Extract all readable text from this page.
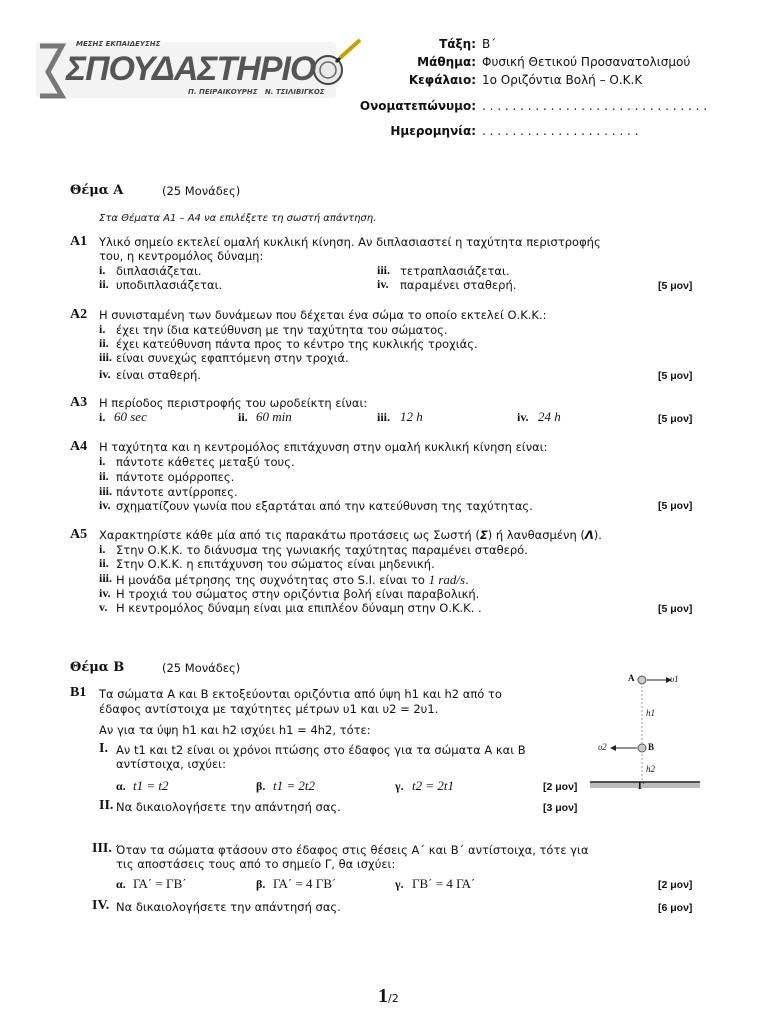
ΜΕΣΗΣ ΕΚΠΑΙΔΕΥΣΗΣ
ΣΠΟΥΔΑΣΤΗΡΙΟ
Π. ΠΕΙΡΑΙΚΟΥΡΗΣ   Ν. ΤΣΙΛΙΒΙΓΚΟΣ
Τάξη: Β΄
Μάθημα: Φυσική Θετικού Προσανατολισμού
Κεφάλαιο: 1ο Οριζόντια Βολή – Ο.Κ.Κ
Ονοματεπώνυμο: . . . . . . . . . . . . . . . . . . . . . . . . . . . . . .
Ημερομηνία: . . . . . . . . . . . . . . . . . . . . .
Θέμα Α	(25 Μονάδες)
Στα Θέματα Α1 – Α4 να επιλέξετε τη σωστή απάντηση.
Α1 Υλικό σημείο εκτελεί ομαλή κυκλική κίνηση. Αν διπλασιαστεί η ταχύτητα περιστροφής
του, η κεντρομόλος δύναμη:
i. διπλασιάζεται.	iii. τετραπλασιάζεται.
ii. υποδιπλασιάζεται.	iv. παραμένει σταθερή.	[5 μον]
Α2 Η συνισταμένη των δυνάμεων που δέχεται ένα σώμα το οποίο εκτελεί Ο.Κ.Κ.:
i. έχει την ίδια κατεύθυνση με την ταχύτητα του σώματος.
ii. έχει κατεύθυνση πάντα προς το κέντρο της κυκλικής τροχιάς.
iii. είναι συνεχώς εφαπτόμενη στην τροχιά.
iv. είναι σταθερή.	[5 μον]
Α3 Η περίοδος περιστροφής του ωροδείκτη είναι:
i. 60 sec	ii. 60 min	iii. 12 h	iv. 24 h	[5 μον]
Α4 Η ταχύτητα και η κεντρομόλος επιτάχυνση στην ομαλή κυκλική κίνηση είναι:
i. πάντοτε κάθετες μεταξύ τους.
ii. πάντοτε ομόρροπες.
iii. πάντοτε αντίρροπες.
iv. σχηματίζουν γωνία που εξαρτάται από την κατεύθυνση της ταχύτητας.	[5 μον]
Α5 Χαρακτηρίστε κάθε μία από τις παρακάτω προτάσεις ως Σωστή (Σ) ή λανθασμένη (Λ).
i. Στην Ο.Κ.Κ. το διάνυσμα της γωνιακής ταχύτητας παραμένει σταθερό.
ii. Στην Ο.Κ.Κ. η επιτάχυνση του σώματος είναι μηδενική.
iii. Η μονάδα μέτρησης της συχνότητας στο S.I. είναι το 1 rad/s.
iv. Η τροχιά του σώματος στην οριζόντια βολή είναι παραβολική.
v. Η κεντρομόλος δύναμη είναι μια επιπλέον δύναμη στην Ο.Κ.Κ. .	[5 μον]
Θέμα Β	(25 Μονάδες)
Β1 Τα σώματα Α και Β εκτοξεύονται οριζόντια από ύψη h1 και h2 από το
έδαφος αντίστοιχα με ταχύτητες μέτρων υ1 και υ2 = 2υ1.
Αν για τα ύψη h1 και h2 ισχύει h1 = 4h2, τότε:
I. Αν t1 και t2 είναι οι χρόνοι πτώσης στο έδαφος για τα σώματα Α και Β
αντίστοιχα, ισχύει:
α. t1 = t2	β. t1 = 2t2	γ. t2 = 2t1	[2 μον]
II. Να δικαιολογήσετε την απάντησή σας.	[3 μον]
A	υ1
h1
υ2	B
h2
Γ
III. Όταν τα σώματα φτάσουν στο έδαφος στις θέσεις Α΄ και Β΄ αντίστοιχα, τότε για
τις αποστάσεις τους από το σημείο Γ, θα ισχύει:
α. ΓΑ΄ = ΓΒ΄	β. ΓΑ΄ = 4 ΓΒ΄	γ. ΓΒ΄ = 4 ΓΑ΄	[2 μον]
IV. Να δικαιολογήσετε την απάντησή σας.	[6 μον]
1/2
